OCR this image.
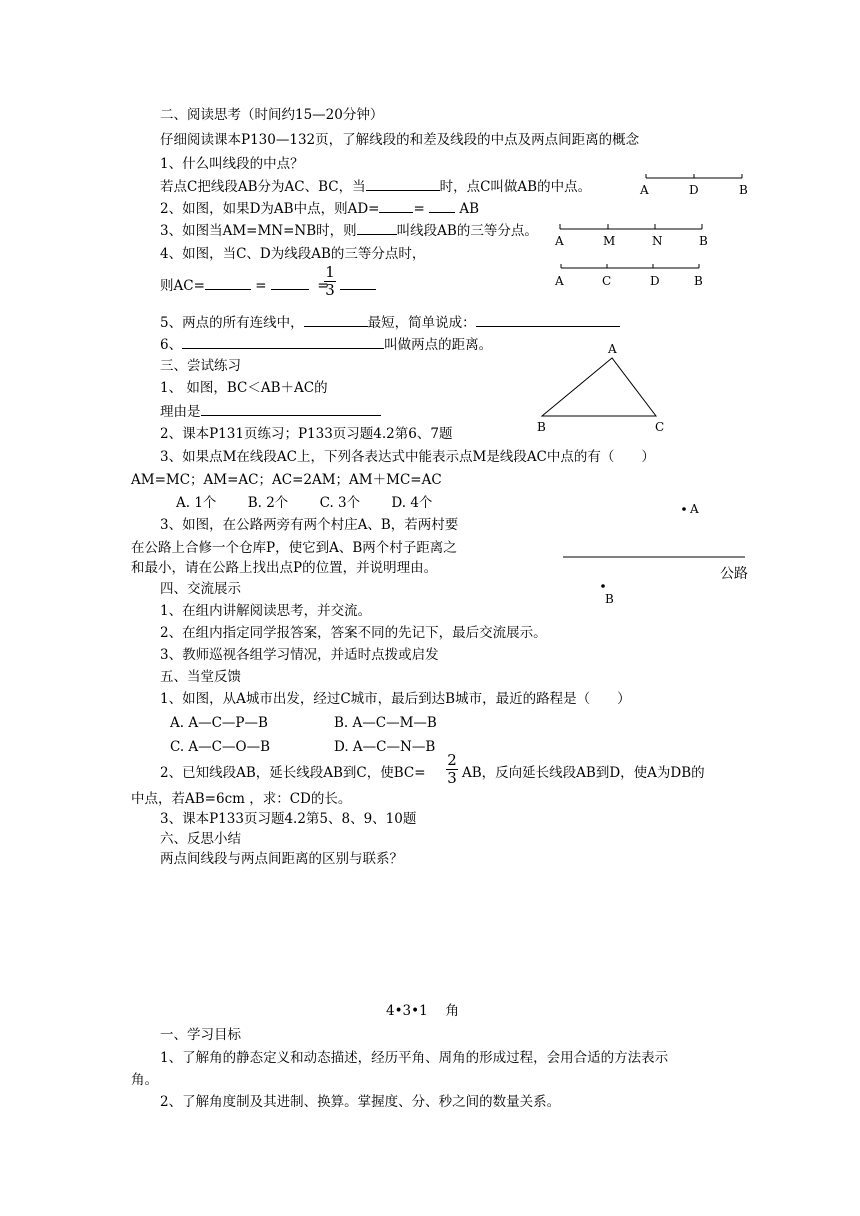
二、阅读思考（时间约15—20分钟）
仔细阅读课本P130—132页，了解线段的和差及线段的中点及两点间距离的概念
1、什么叫线段的中点？
若点C把线段AB分为AC、BC，当	时，点C叫做AB的中点。
2、如图，如果D为AB中点，则AD=	=	AB
3、如图当AM=MN=NB时，则	叫线段AB的三等分点。
4、如图，当C、D为线段AB的三等分点时，
则AC=	=	=
1
3
5、两点的所有连线中，	最短，简单说成：
6、	叫做两点的距离。
三、尝试练习
1、 如图，BC＜AB＋AC的
理由是
2、课本P131页练习；P133页习题4.2第6、7题
3、如果点M在线段AC上，下列各表达式中能表示点M是线段AC中点的有（　　）
AM=MC；AM=AC；AC=2AM；AM＋MC=AC
A. 1个　　 B. 2个　　 C. 3个　　 D. 4个
3、如图，在公路两旁有两个村庄A、B，若两村要
在公路上合修一个仓库P，使它到A、B两个村子距离之
和最小，请在公路上找出点P的位置，并说明理由。
四、交流展示
1、在组内讲解阅读思考，并交流。
2、在组内指定同学报答案，答案不同的先记下，最后交流展示。
3、教师巡视各组学习情况，并适时点拨或启发
五、当堂反馈
1、如图，从A城市出发，经过C城市，最后到达B城市，最近的路程是（　　）
A. A—C—P—B	B. A—C—M—B
C. A—C—O—B	D. A—C—N—B
2、已知线段AB，延长线段AB到C，使BC=
2
3 AB，反向延长线段AB到D，使A为DB的
中点，若AB=6cm ，求：CD的长。
3、课本P133页习题4.2第5、8、9、10题
六、反思小结
两点间线段与两点间距离的区别与联系？
4•3•1　 角
一、学习目标
1、了解角的静态定义和动态描述，经历平角、周角的形成过程，会用合适的方法表示
角。
2、了解角度制及其进制、换算。掌握度、分、秒之间的数量关系。
A	D	B
A	M	N	B
A	C	D	B
A
B	C
A
公路
B
